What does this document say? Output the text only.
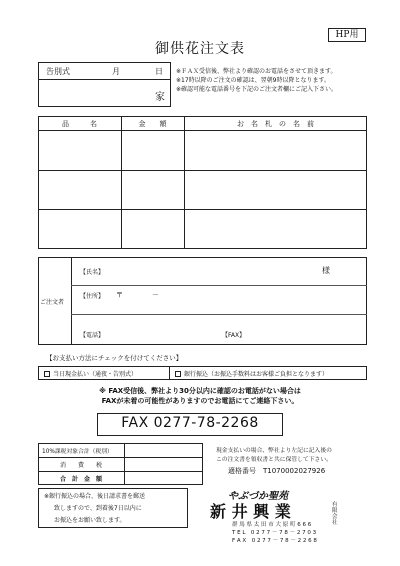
御供花注文表
HP用
告別式	月	日
家
※ＦＡＸ受信後、弊社より確認のお電話をさせて頂きます。
※17時以降のご注文の確認は、翌朝9時以降となります。
※確認可能な電話番号を下記のご注文者欄にご記入下さい。
品　　　名	金　　額	お　名　札　の　名　前
ご注文者
【氏名】	様
【住所】 〒	－
【電話】	【FAX】
【お支払い方法にチェックを付けてください】
当日現金払い（通夜・告別式）	銀行振込（お振込手数料はお客様ご負担となります）
※ FAX受信後、弊社より30分以内に確認のお電話がない場合は
FAXが未着の可能性がありますのでお電話にてご連絡下さい。
FAX 0277-78-2268
10%課税対象合計（税別）
消　　費　　税
合　計　金　額
現金支払いの場合、弊社より左記に記入後の
この注文書を領収書と共に保管して下さい。
適格番号　T1070002027926
※銀行振込の場合、後日請求書を郵送
致しますので、到着後7日以内に
お振込をお願い致します。
やぶづか聖苑
新 井 興 業	有限会社
群 馬 県 太 田 市 大 原 町 6 6 6
T E L　0 2 7 7 － 7 8 － 2 7 0 3
F A X　0 2 7 7 － 7 8 － 2 2 6 8
